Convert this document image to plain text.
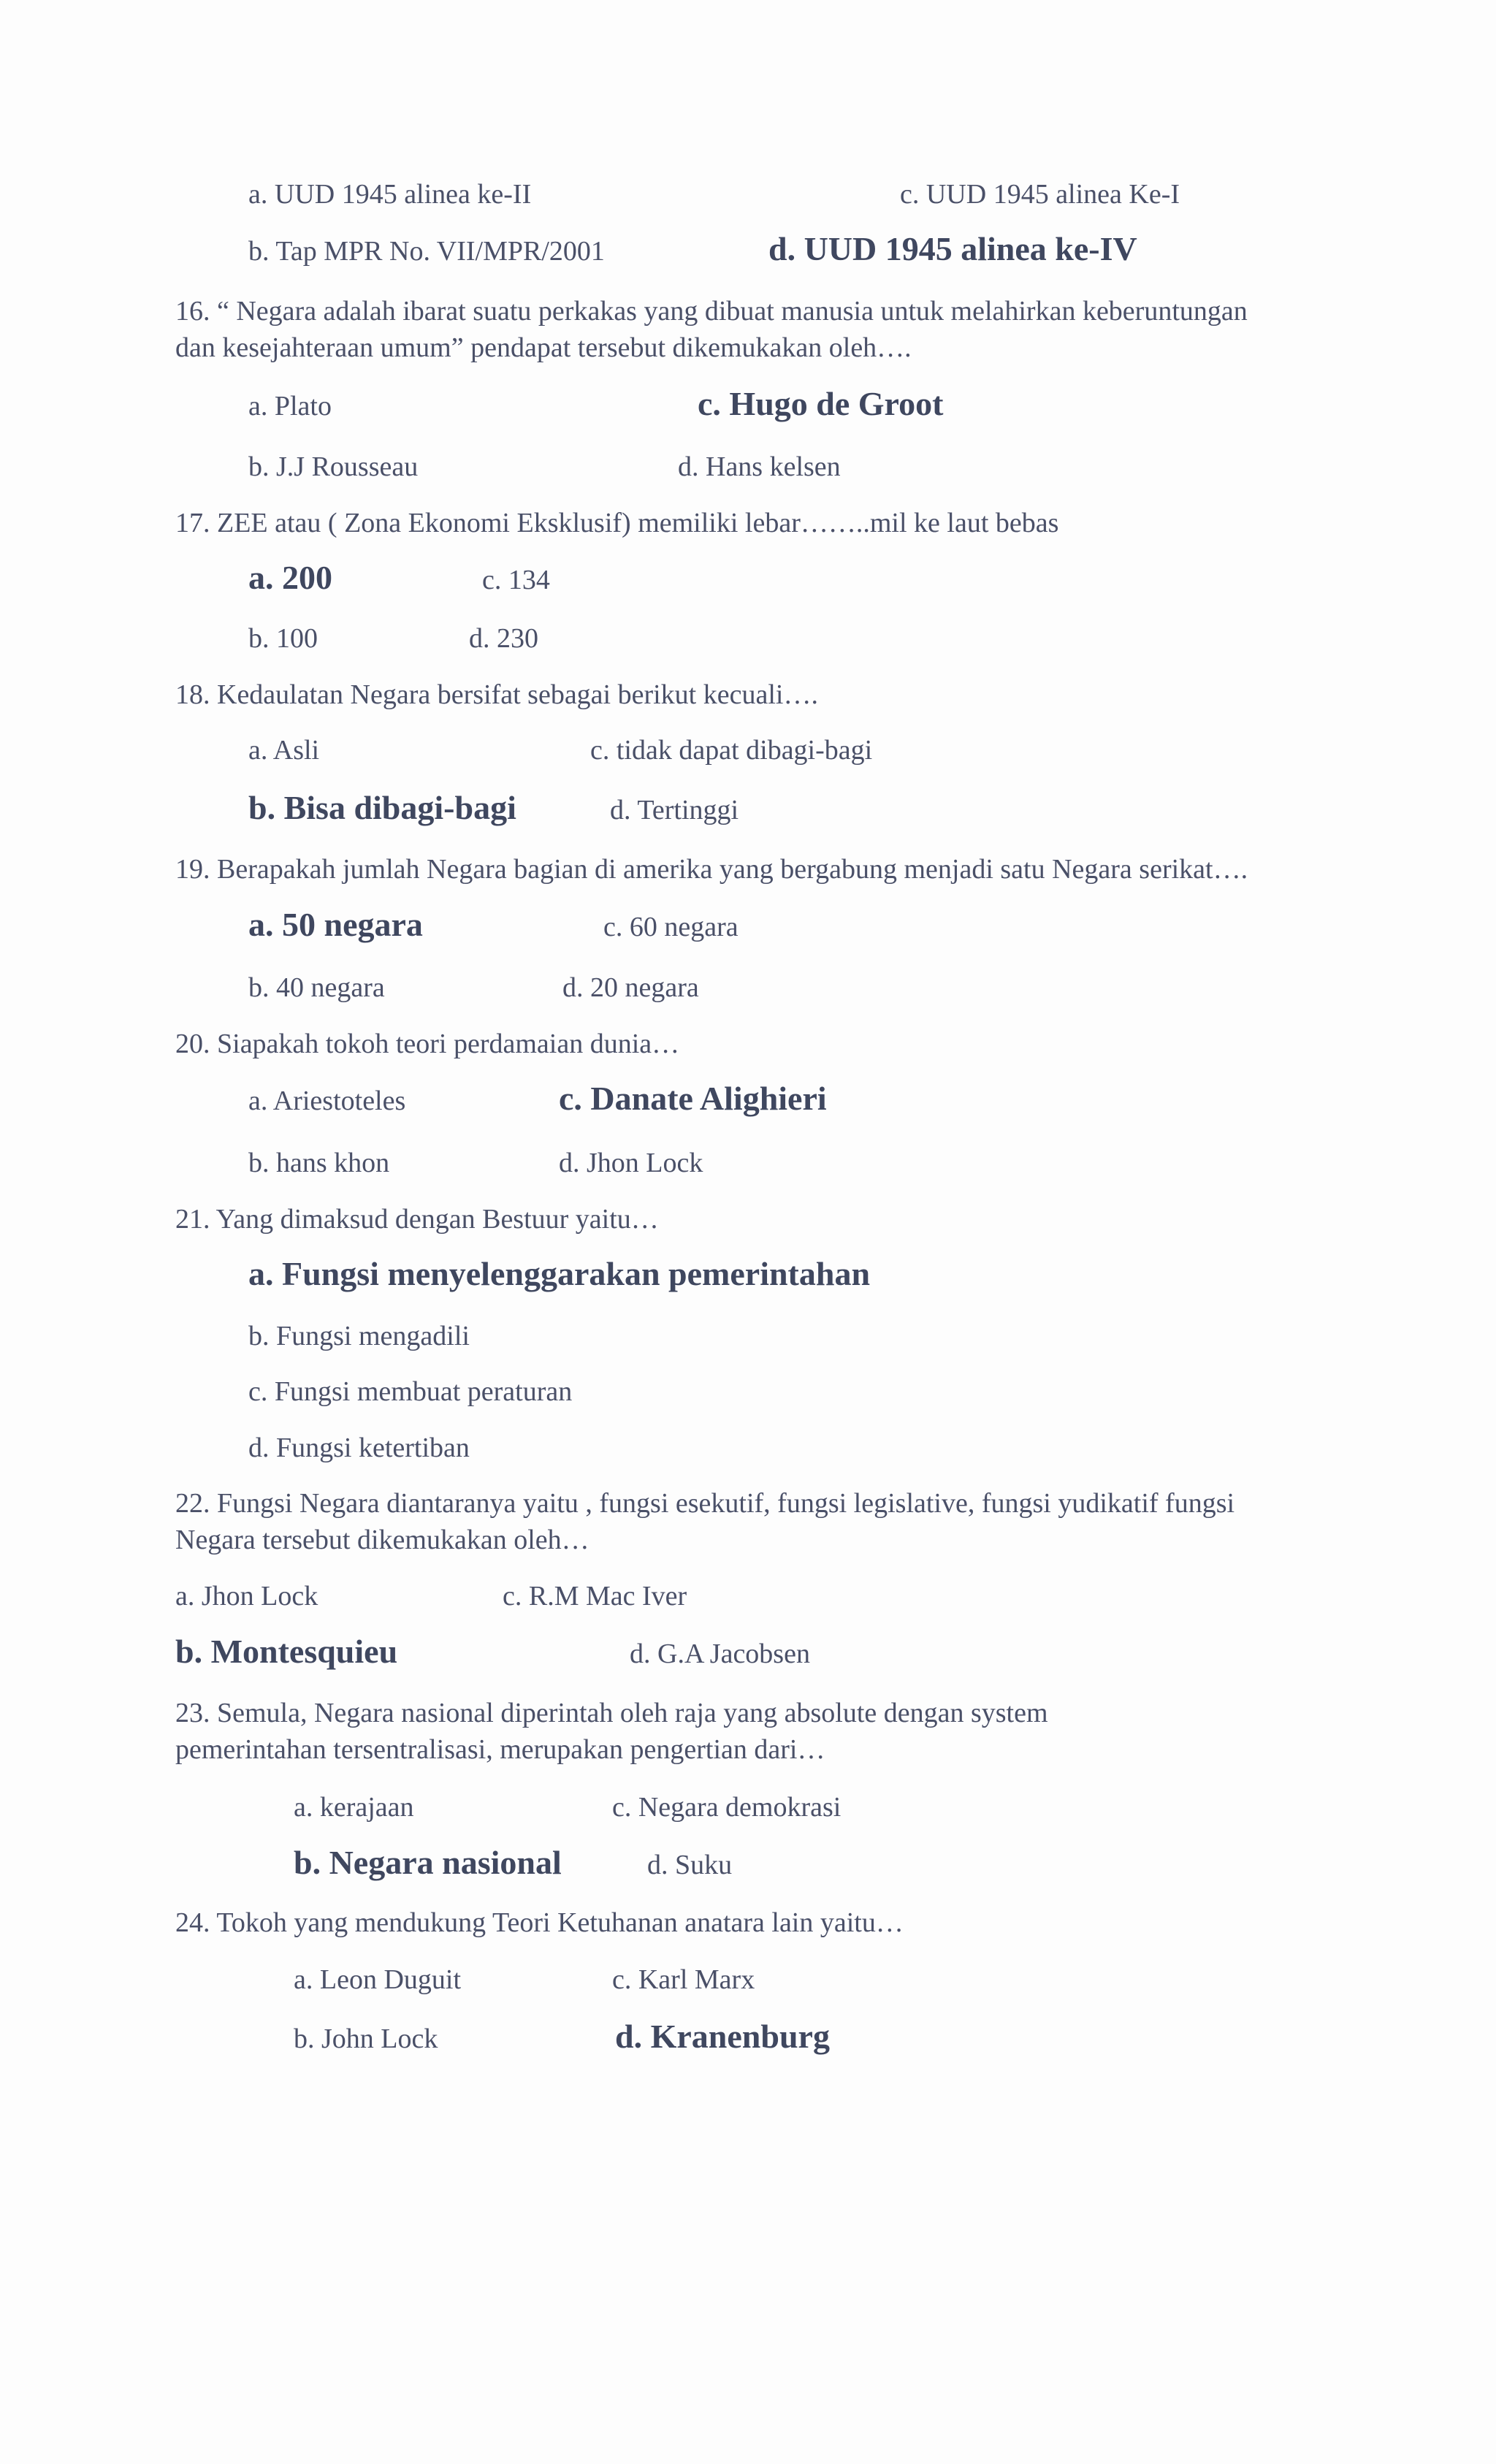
a. UUD 1945 alinea ke-II	c. UUD 1945 alinea Ke-I
b. Tap MPR No. VII/MPR/2001	d. UUD 1945 alinea ke-IV
16. “ Negara adalah ibarat suatu perkakas yang dibuat manusia untuk melahirkan keberuntungan
dan kesejahteraan umum” pendapat tersebut dikemukakan oleh….
a. Plato	c. Hugo de Groot
b. J.J Rousseau	d. Hans kelsen
17. ZEE atau ( Zona Ekonomi Eksklusif) memiliki lebar……..mil ke laut bebas
a. 200	c. 134
b. 100	d. 230
18. Kedaulatan Negara bersifat sebagai berikut kecuali….
a. Asli	c. tidak dapat dibagi-bagi
b. Bisa dibagi-bagi	d. Tertinggi
19. Berapakah jumlah Negara bagian di amerika yang bergabung menjadi satu Negara serikat….
a. 50 negara	c. 60 negara
b. 40 negara	d. 20 negara
20. Siapakah tokoh teori perdamaian dunia…
a. Ariestoteles	c. Danate Alighieri
b. hans khon	d. Jhon Lock
21. Yang dimaksud dengan Bestuur yaitu…
a. Fungsi menyelenggarakan pemerintahan
b. Fungsi mengadili
c. Fungsi membuat peraturan
d. Fungsi ketertiban
22. Fungsi Negara diantaranya yaitu , fungsi esekutif, fungsi legislative, fungsi yudikatif fungsi
Negara tersebut dikemukakan oleh…
a. Jhon Lock	c. R.M Mac Iver
b. Montesquieu	d. G.A Jacobsen
23. Semula, Negara nasional diperintah oleh raja yang absolute dengan system
pemerintahan tersentralisasi, merupakan pengertian dari…
a. kerajaan	c. Negara demokrasi
b. Negara nasional	d. Suku
24. Tokoh yang mendukung Teori Ketuhanan anatara lain yaitu…
a. Leon Duguit	c. Karl Marx
b. John Lock	d. Kranenburg
